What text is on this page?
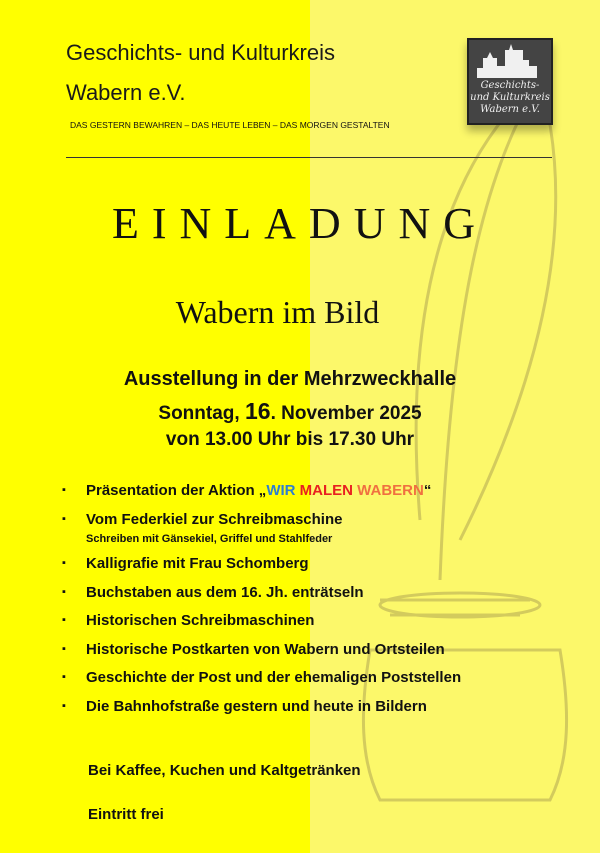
Geschichts- und Kulturkreis
Wabern e.V.
DAS GESTERN BEWAHREN – DAS HEUTE LEBEN – DAS MORGEN GESTALTEN
Geschichts-
und Kulturkreis
Wabern e.V.
EINLADUNG
Wabern im Bild
Ausstellung in der Mehrzweckhalle
Sonntag, 16. November 2025
von 13.00 Uhr bis 17.30 Uhr
▪ Präsentation der Aktion „WIR MALEN WABERN“
▪ Vom Federkiel zur Schreibmaschine
Schreiben mit Gänsekiel, Griffel und Stahlfeder
▪ Kalligrafie mit Frau Schomberg
▪ Buchstaben aus dem 16. Jh. enträtseln
▪ Historischen Schreibmaschinen
▪ Historische Postkarten von Wabern und Ortsteilen
▪ Geschichte der Post und der ehemaligen Poststellen
▪ Die Bahnhofstraße gestern und heute in Bildern
Bei Kaffee, Kuchen und Kaltgetränken
Eintritt frei
